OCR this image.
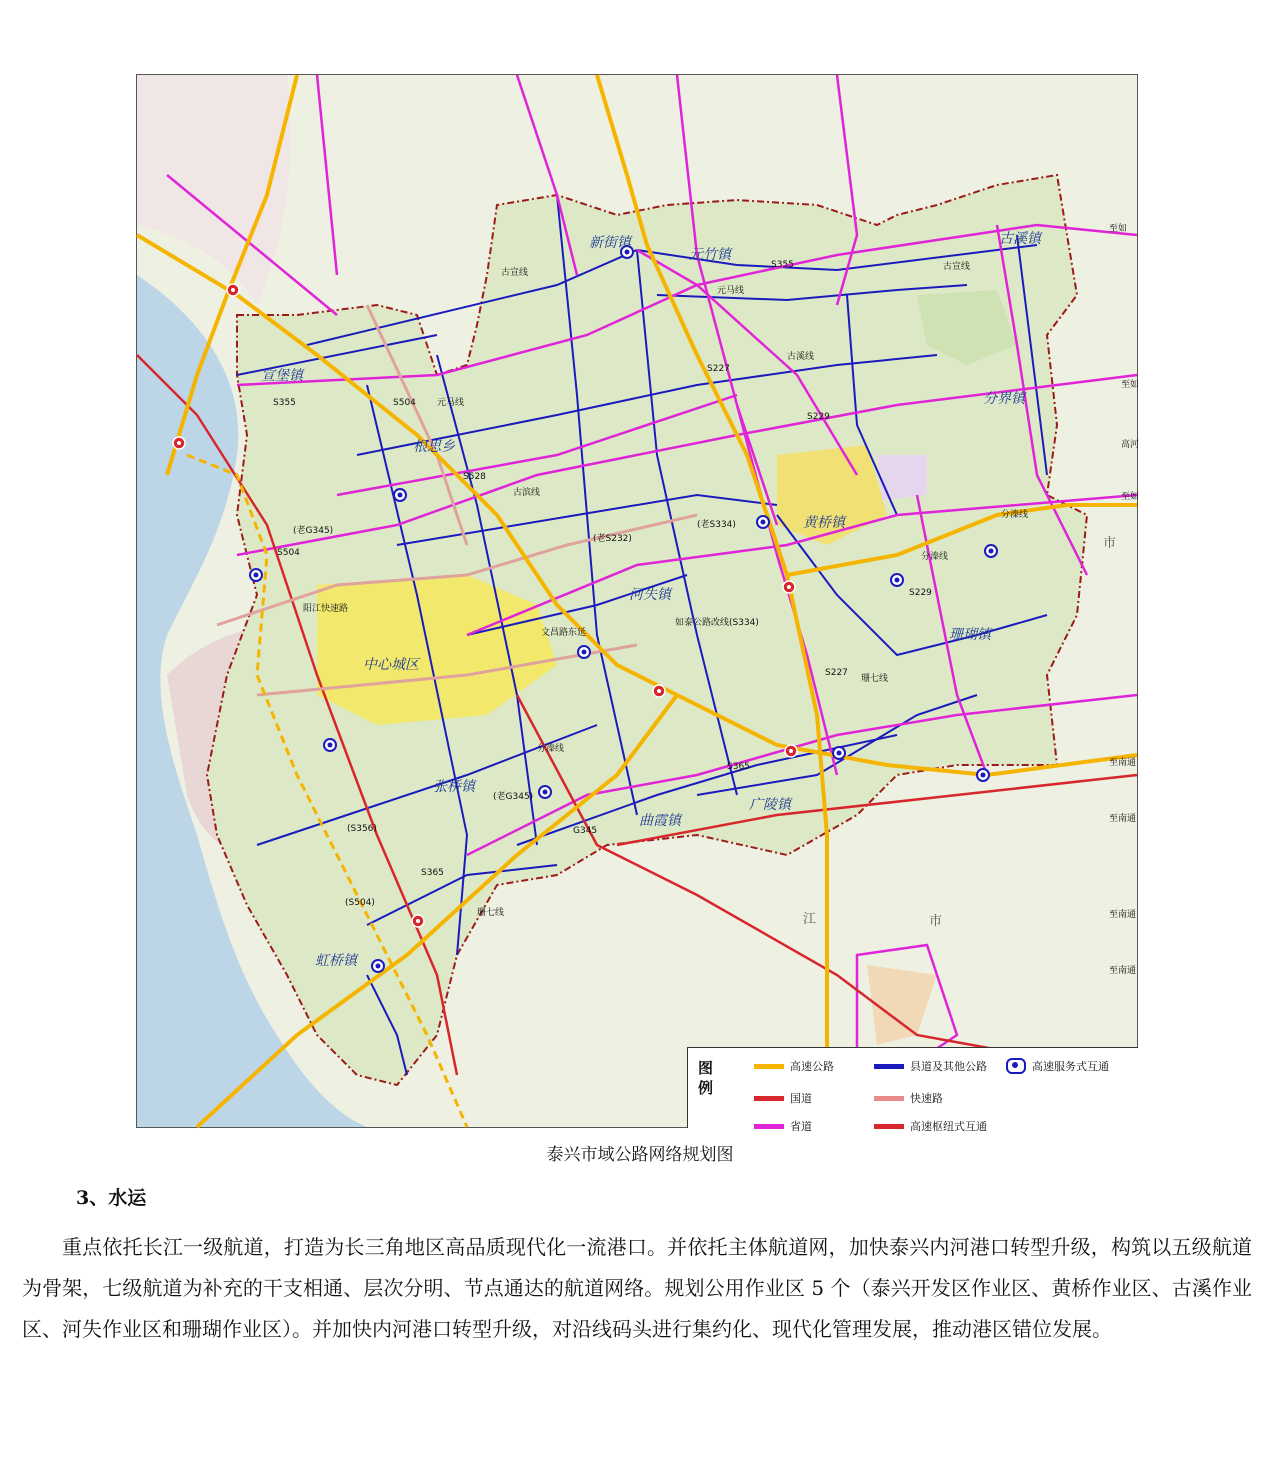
新街镇
元竹镇
古溪镇
宣堡镇
根思乡
分界镇
黄桥镇
河失镇
珊瑚镇
中心城区
张桥镇
曲霞镇
广陵镇
虹桥镇
S355
S355
古宣线
元马线
古宣线
古溪线
元马线
S528
古滨线
S504
阳江快速路
如泰公路改线(S334)
(老S334)
分溱线
分溱线
分溱线
S365
S365
G345
S229
S227
S227
S504
S229
(老S232)
珊七线
珊七线
文昌路东延
(S504)
(老G345)
(S356)
(老G345)
市
江	市
至如
至如
至如
至南通
至南通
至南通
至南通
高河
图例
高速公路	县道及其他公路	高速服务式互通
国道	快速路
省道	高速枢纽式互通
泰兴市域公路网络规划图
3、水运

重点依托长江一级航道，打造为长三角地区高品质现代化一流港口。并依托主体航道网，加快泰兴内河港口转型升级，构筑以五级航道为骨架，七级航道为补充的干支相通、层次分明、节点通达的航道网络。规划公用作业区 5 个（泰兴开发区作业区、黄桥作业区、古溪作业区、河失作业区和珊瑚作业区）。并加快内河港口转型升级，对沿线码头进行集约化、现代化管理发展，推动港区错位发展。
